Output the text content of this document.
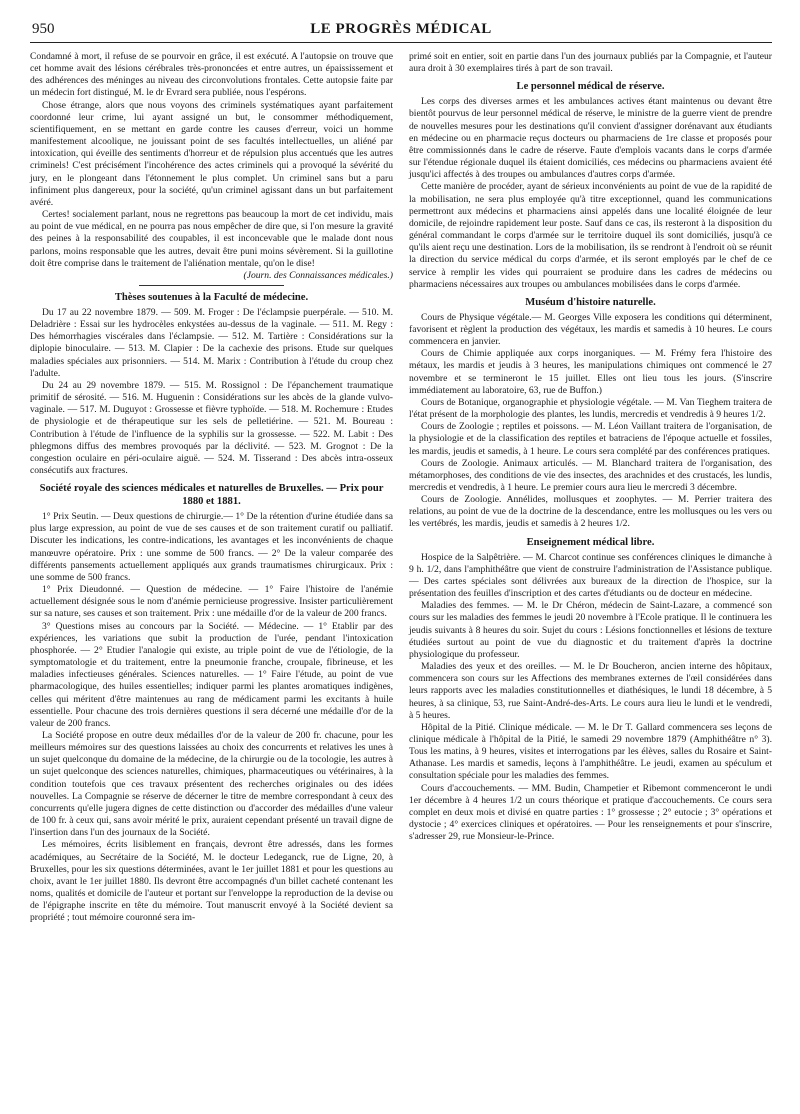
950	LE PROGRÈS MÉDICAL

Condamné à mort, il refuse de se pourvoir en grâce, il est exécuté. A l'autopsie on trouve que cet homme avait des lésions cérébrales très-prononcées et entre autres, un épaississement et des adhérences des méninges au niveau des circonvolutions frontales. Cette autopsie faite par un médecin fort distingué, M. le dr Evrard sera publiée, nous l'espérons.

Chose étrange, alors que nous voyons des criminels systématiques ayant parfaitement coordonné leur crime, lui ayant assigné un but, le consommer méthodiquement, scientifiquement, en se mettant en garde contre les causes d'erreur, voici un homme manifestement alcoolique, ne jouissant point de ses facultés intellectuelles, un aliéné par intoxication, qui éveille des sentiments d'horreur et de répulsion plus accentués que les autres criminels! C'est précisément l'incohérence des actes criminels qui a provoqué la sévérité du jury, en le plongeant dans l'étonnement le plus complet. Un criminel sans but a paru infiniment plus dangereux, pour la société, qu'un criminel agissant dans un but parfaitement avéré.

Certes! socialement parlant, nous ne regrettons pas beaucoup la mort de cet individu, mais au point de vue médical, en ne pourra pas nous empêcher de dire que, si l'on mesure la gravité des peines à la responsabilité des coupables, il est inconcevable que le malade dont nous parlons, moins responsable que les autres, devait être puni moins sévèrement. Si la guillotine doit être comprise dans le traitement de l'aliénation mentale, qu'on le dise!

(Journ. des Connaissances médicales.)

Thèses soutenues à la Faculté de médecine.

Du 17 au 22 novembre 1879. — 509. M. Froger : De l'éclampsie puerpérale. — 510. M. Deladrière : Essai sur les hydrocèles enkystées au-dessus de la vaginale. — 511. M. Regy : Des hémorrhagies viscérales dans l'éclampsie. — 512. M. Tartière : Considérations sur la diplopie binoculaire. — 513. M. Clapier : De la cachexie des prisons. Etude sur quelques maladies spéciales aux prisonniers. — 514. M. Marix : Contribution à l'étude du croup chez l'adulte.

Du 24 au 29 novembre 1879. — 515. M. Rossignol : De l'épanchement traumatique primitif de sérosité. — 516. M. Huguenin : Considérations sur les abcès de la glande vulvo-vaginale. — 517. M. Duguyot : Grossesse et fièvre typhoïde. — 518. M. Rochemure : Etudes de physiologie et de thérapeutique sur les sels de pelletiérine. — 521. M. Boureau : Contribution à l'étude de l'influence de la syphilis sur la grossesse. — 522. M. Labit : Des phlegmons diffus des membres provoqués par la déclivité. — 523. M. Grognot : De la congestion oculaire en péri-oculaire aiguë. — 524. M. Tisserand : Des abcès intra-osseux consécutifs aux fractures.

Société royale des sciences médicales et naturelles de Bruxelles. — Prix pour 1880 et 1881.

1° Prix Seutin. — Deux questions de chirurgie.— 1° De la rétention d'urine étudiée dans sa plus large expression, au point de vue de ses causes et de son traitement curatif ou palliatif. Discuter les indications, les contre-indications, les avantages et les inconvénients de chaque manœuvre opératoire. Prix : une somme de 500 francs. — 2° De la valeur comparée des différents pansements actuellement appliqués aux grands traumatismes chirurgicaux. Prix : une somme de 500 francs.

1° Prix Dieudonné. — Question de médecine. — 1° Faire l'histoire de l'anémie actuellement désignée sous le nom d'anémie pernicieuse progressive. Insister particulièrement sur sa nature, ses causes et son traitement. Prix : une médaille d'or de la valeur de 200 francs.

3° Questions mises au concours par la Société. — Médecine. — 1° Etablir par des expériences, les variations que subit la production de l'urée, pendant l'intoxication phosphorée. — 2° Etudier l'analogie qui existe, au triple point de vue de l'étiologie, de la symptomatologie et du traitement, entre la pneumonie franche, croupale, fibrineuse, et les maladies infectieuses générales. Sciences naturelles. — 1° Faire l'étude, au point de vue pharmacologique, des huiles essentielles; indiquer parmi les plantes aromatiques indigènes, celles qui méritent d'être maintenues au rang de médicament parmi les excitants à huile essentielle. Pour chacune des trois dernières questions il sera décerné une médaille d'or de la valeur de 200 francs.

La Société propose en outre deux médailles d'or de la valeur de 200 fr. chacune, pour les meilleurs mémoires sur des questions laissées au choix des concurrents et relatives les unes à un sujet quelconque du domaine de la médecine, de la chirurgie ou de la tocologie, les autres à un sujet quelconque des sciences naturelles, chimiques, pharmaceutiques ou vétérinaires, à la condition toutefois que ces travaux présentent des recherches originales ou des idées nouvelles. La Compagnie se réserve de décerner le titre de membre correspondant à ceux des concurrents qu'elle jugera dignes de cette distinction ou d'accorder des médailles d'une valeur de 100 fr. à ceux qui, sans avoir mérité le prix, auraient cependant présenté un travail digne de l'insertion dans l'un des journaux de la Société.

Les mémoires, écrits lisiblement en français, devront être adressés, dans les formes académiques, au Secrétaire de la Société, M. le docteur Ledeganck, rue de Ligne, 20, à Bruxelles, pour les six questions déterminées, avant le 1er juillet 1881 et pour les questions au choix, avant le 1er juillet 1880. Ils devront être accompagnés d'un billet cacheté contenant les noms, qualités et domicile de l'auteur et portant sur l'enveloppe la reproduction de la devise ou de l'épigraphe inscrite en tête du mémoire. Tout manuscrit envoyé à la Société devient sa propriété ; tout mémoire couronné sera im-

primé soit en entier, soit en partie dans l'un des journaux publiés par la Compagnie, et l'auteur aura droit à 30 exemplaires tirés à part de son travail.

Le personnel médical de réserve.

Les corps des diverses armes et les ambulances actives étant maintenus ou devant être bientôt pourvus de leur personnel médical de réserve, le ministre de la guerre vient de prendre de nouvelles mesures pour les destinations qu'il convient d'assigner dorénavant aux étudiants en médecine ou en pharmacie reçus docteurs ou pharmaciens de 1re classe et proposés pour être commissionnés dans le cadre de réserve. Faute d'emplois vacants dans le corps d'armée sur l'étendue régionale duquel ils étaient domiciliés, ces médecins ou pharmaciens avaient été jusqu'ici affectés à des troupes ou ambulances d'autres corps d'armée.

Cette manière de procéder, ayant de sérieux inconvénients au point de vue de la rapidité de la mobilisation, ne sera plus employée qu'à titre exceptionnel, quand les communications permettront aux médecins et pharmaciens ainsi appelés dans une localité éloignée de leur domicile, de rejoindre rapidement leur poste. Sauf dans ce cas, ils resteront à la disposition du général commandant le corps d'armée sur le territoire duquel ils sont domiciliés, jusqu'à ce qu'ils aient reçu une destination. Lors de la mobilisation, ils se rendront à l'endroit où se réunit la direction du service médical du corps d'armée, et ils seront employés par le chef de ce service à remplir les vides qui pourraient se produire dans les cadres de médecins ou pharmaciens nécessaires aux troupes ou ambulances mobilisées dans le corps d'armée.

Muséum d'histoire naturelle.

Cours de Physique végétale.— M. Georges Ville exposera les conditions qui déterminent, favorisent et règlent la production des végétaux, les mardis et samedis à 10 heures. Le cours commencera en janvier.

Cours de Chimie appliquée aux corps inorganiques. — M. Frémy fera l'histoire des métaux, les mardis et jeudis à 3 heures, les manipulations chimiques ont commencé le 27 novembre et se termineront le 15 juillet. Elles ont lieu tous les jours. (S'inscrire immédiatement au laboratoire, 63, rue de Buffon.)

Cours de Botanique, organographie et physiologie végétale. — M. Van Tieghem traitera de l'état présent de la morphologie des plantes, les lundis, mercredis et vendredis à 9 heures 1/2.

Cours de Zoologie ; reptiles et poissons. — M. Léon Vaillant traitera de l'organisation, de la physiologie et de la classification des reptiles et batraciens de l'époque actuelle et fossiles, les mardis, jeudis et samedis, à 1 heure. Le cours sera complété par des conférences pratiques.

Cours de Zoologie. Animaux articulés. — M. Blanchard traitera de l'organisation, des métamorphoses, des conditions de vie des insectes, des arachnides et des crustacés, les lundis, mercredis et vendredis, à 1 heure. Le premier cours aura lieu le mercredi 3 décembre.

Cours de Zoologie. Annélides, mollusques et zoophytes. — M. Perrier traitera des relations, au point de vue de la doctrine de la descendance, entre les mollusques ou les vers ou les vertébrés, les mardis, jeudis et samedis à 2 heures 1/2.

Enseignement médical libre.

Hospice de la Salpêtrière. — M. Charcot continue ses conférences cliniques le dimanche à 9 h. 1/2, dans l'amphithéâtre que vient de construire l'administration de l'Assistance publique. — Des cartes spéciales sont délivrées aux bureaux de la direction de l'hospice, sur la présentation des feuilles d'inscription et des cartes d'étudiants ou de docteur en médecine.

Maladies des femmes. — M. le Dr Chéron, médecin de Saint-Lazare, a commencé son cours sur les maladies des femmes le jeudi 20 novembre à l'Ecole pratique. Il le continuera les jeudis suivants à 8 heures du soir. Sujet du cours : Lésions fonctionnelles et lésions de texture étudiées surtout au point de vue du diagnostic et du traitement d'après la doctrine physiologique du professeur.

Maladies des yeux et des oreilles. — M. le Dr Boucheron, ancien interne des hôpitaux, commencera son cours sur les Affections des membranes externes de l'œil considérées dans leurs rapports avec les maladies constitutionnelles et diathésiques, le lundi 18 décembre, à 5 heures, à sa clinique, 53, rue Saint-André-des-Arts. Le cours aura lieu le lundi et le vendredi, à 5 heures.

Hôpital de la Pitié. Clinique médicale. — M. le Dr T. Gallard commencera ses leçons de clinique médicale à l'hôpital de la Pitié, le samedi 29 novembre 1879 (Amphithéâtre n° 3). Tous les matins, à 9 heures, visites et interrogations par les élèves, salles du Rosaire et Saint-Athanase. Les mardis et samedis, leçons à l'amphithéâtre. Le jeudi, examen au spéculum et consultation spéciale pour les maladies des femmes.

Cours d'accouchements. — MM. Budin, Champetier et Ribemont commenceront le undi 1er décembre à 4 heures 1/2 un cours théorique et pratique d'accouchements. Ce cours sera complet en deux mois et divisé en quatre parties : 1° grossesse ; 2° eutocie ; 3° opérations et dystocie ; 4° exercices cliniques et opératoires. — Pour les renseignements et pour s'inscrire, s'adresser 29, rue Monsieur-le-Prince.
